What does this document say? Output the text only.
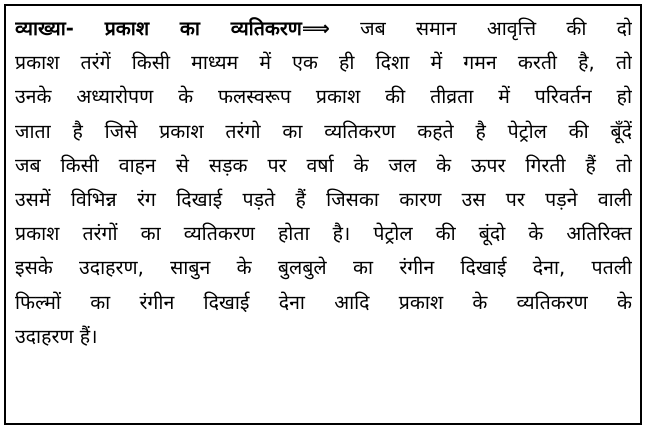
व्याख्या- प्रकाश का व्यतिकरण⟹ जब समान आवृत्ति की दो
प्रकाश तरंगें किसी माध्यम में एक ही दिशा में गमन करती है, तो
उनके अध्यारोपण के फलस्वरूप प्रकाश की तीव्रता में परिवर्तन हो
जाता है जिसे प्रकाश तरंगो का व्यतिकरण कहते है पेट्रोल की बूँदें
जब किसी वाहन से सड़क पर वर्षा के जल के ऊपर गिरती हैं तो
उसमें विभिन्न रंग दिखाई पड़ते हैं जिसका कारण उस पर पड़ने वाली
प्रकाश तरंगों का व्यतिकरण होता है। पेट्रोल की बूंदो के अतिरिक्त
इसके उदाहरण, साबुन के बुलबुले का रंगीन दिखाई देना, पतली
फिल्मों का रंगीन दिखाई देना आदि प्रकाश के व्यतिकरण के
उदाहरण हैं।
